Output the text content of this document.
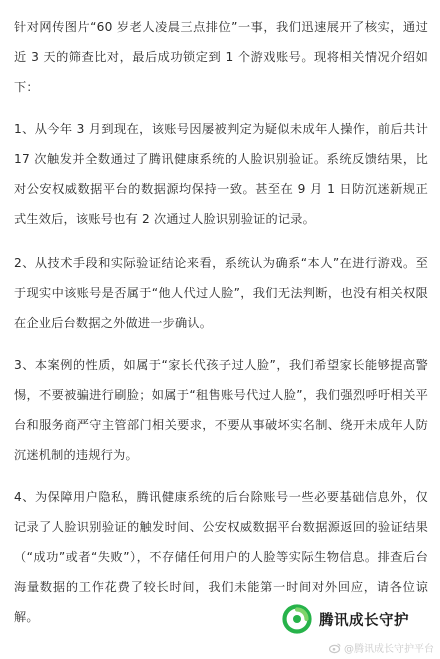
针对网传图片“60 岁老人凌晨三点排位”一事，我们迅速展开了核实，通过近 3 天的筛查比对，最后成功锁定到 1 个游戏账号。现将相关情况介绍如下：

1、从今年 3 月到现在，该账号因屡被判定为疑似未成年人操作，前后共计 17 次触发并全数通过了腾讯健康系统的人脸识别验证。系统反馈结果，比对公安权威数据平台的数据源均保持一致。甚至在 9 月 1 日防沉迷新规正式生效后，该账号也有 2 次通过人脸识别验证的记录。

2、从技术手段和实际验证结论来看，系统认为确系“本人”在进行游戏。至于现实中该账号是否属于“他人代过人脸”，我们无法判断，也没有相关权限在企业后台数据之外做进一步确认。

3、本案例的性质，如属于“家长代孩子过人脸”，我们希望家长能够提高警惕，不要被骗进行刷脸；如属于“租售账号代过人脸”，我们强烈呼吁相关平台和服务商严守主管部门相关要求，不要从事破坏实名制、绕开未成年人防沉迷机制的违规行为。

4、为保障用户隐私，腾讯健康系统的后台除账号一些必要基础信息外，仅记录了人脸识别验证的触发时间、公安权威数据平台数据源返回的验证结果（“成功”或者“失败”），不存储任何用户的人脸等实际生物信息。排查后台海量数据的工作花费了较长时间，我们未能第一时间对外回应，请各位谅解。	腾讯成长守护
@腾讯成长守护平台
